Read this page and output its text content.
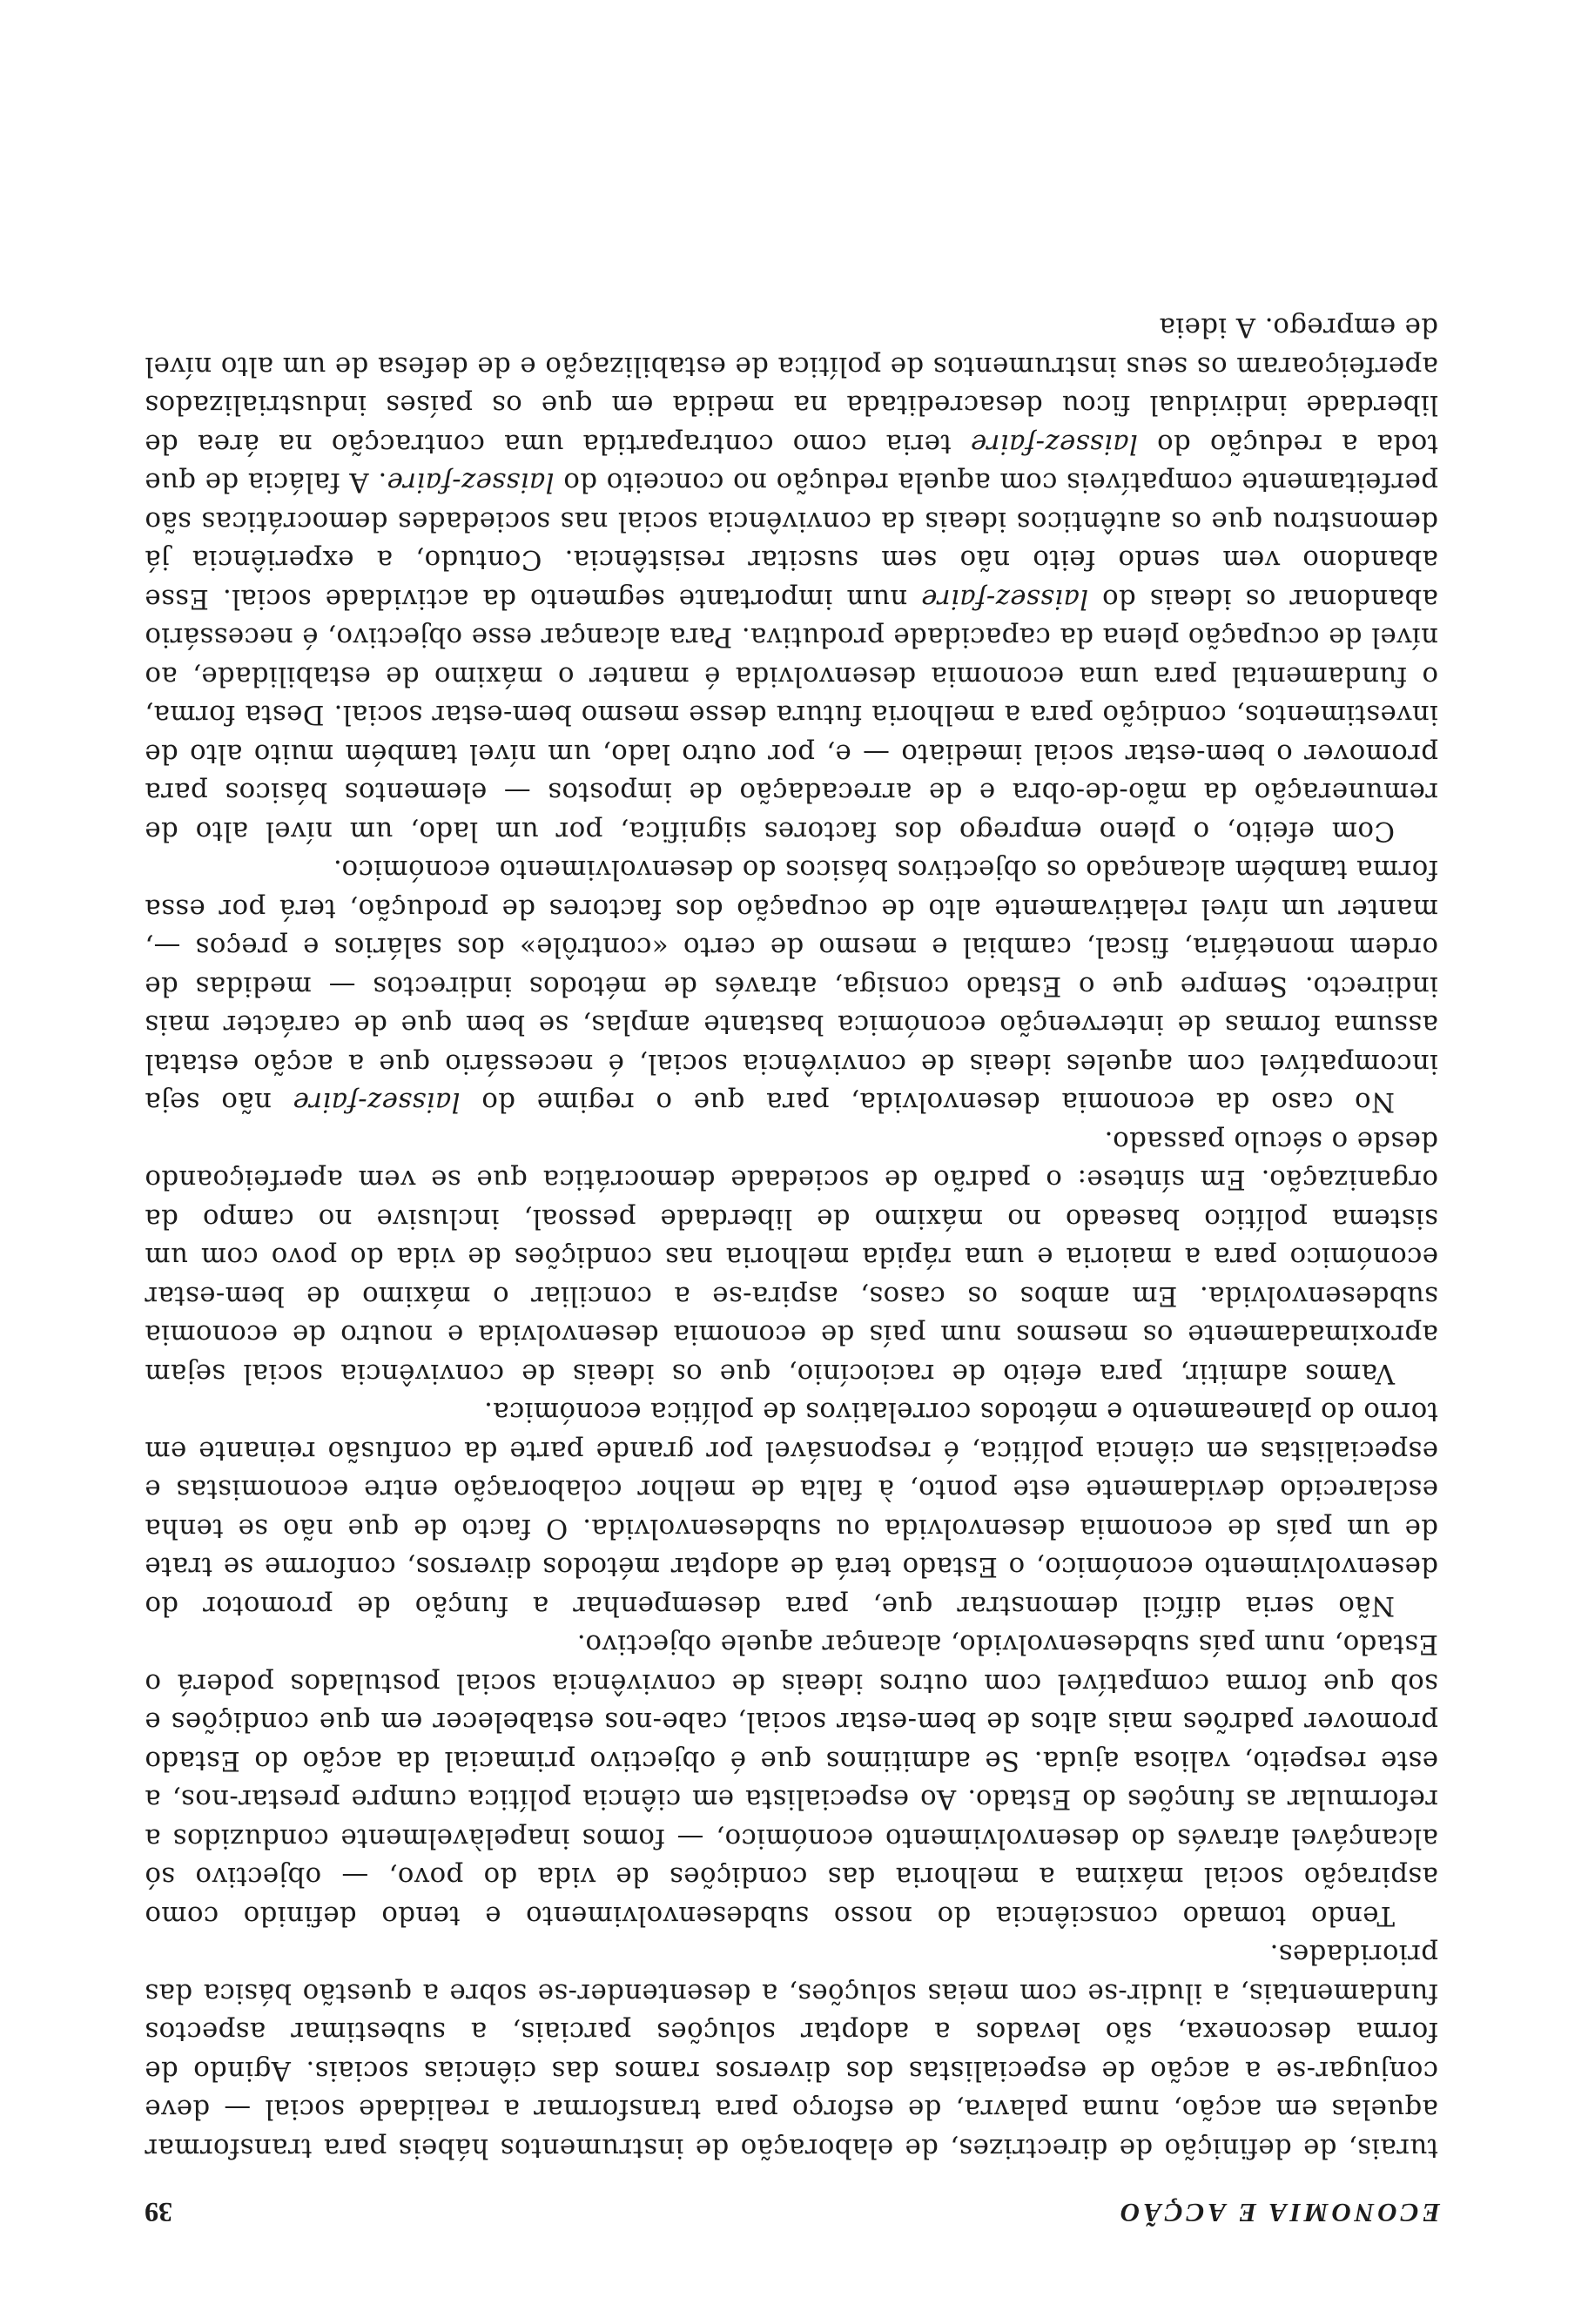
ECONOMIA E ACÇÃO
39

turais, de definição de directrizes, de elaboração de instrumentos hábeis para transformar aquelas em acção, numa palavra, de esforço para transformar a realidade social — deve conjugar-se a acção de especialistas dos diversos ramos das ciências sociais. Agindo de forma desconexa, são levados a adoptar soluções parciais, a subestimar aspectos fundamentais, a iludir-se com meias soluções, a desentender-se sobre a questão básica das prioridades.

Tendo tomado consciência do nosso subdesenvolvimento e tendo definido como aspiração social máxima a melhoria das condições de vida do povo, — objectivo só alcançável através do desenvolvimento económico, — fomos inapelàvelmente conduzidos a reformular as funções do Estado. Ao especialista em ciência política cumpre prestar-nos, a este respeito, valiosa ajuda. Se admitimos que é objectivo primacial da acção do Estado promover padrões mais altos de bem-estar social, cabe-nos estabelecer em que condições e sob que forma compatível com outros ideais de convivência social postulados poderá o Estado, num país subdesenvolvido, alcançar aquele objectivo.

Não seria difícil demonstrar que, para desempenhar a função de promotor do desenvolvimento económico, o Estado terá de adoptar métodos diversos, conforme se trate de um país de economia desenvolvida ou subdesenvolvida. O facto de que não se tenha esclarecido devidamente este ponto, à falta de melhor colaboração entre economistas e especialistas em ciência política, é responsável por grande parte da confusão reinante em torno do planeamento e métodos correlativos de política económica.

Vamos admitir, para efeito de raciocínio, que os ideais de convivência social sejam aproximadamente os mesmos num país de economia desenvolvida e noutro de economia subdesenvolvida. Em ambos os casos, aspira-se a conciliar o máximo de bem-estar económico para a maioria e uma rápida melhoria nas condições de vida do povo com um sistema político baseado no máximo de liberdade pessoal, inclusive no campo da organização. Em síntese: o padrão de sociedade democrática que se vem aperfeiçoando desde o século passado.

No caso da economia desenvolvida, para que o regime do laissez-faire não seja incompatível com aqueles ideais de convivência social, é necessário que a acção estatal assuma formas de intervenção económica bastante amplas, se bem que de carácter mais indirecto. Sempre que o Estado consiga, através de métodos indirectos — medidas de ordem monetária, fiscal, cambial e mesmo de certo «contrôle» dos salários e preços —, manter um nível relativamente alto de ocupação dos factores de produção, terá por essa forma também alcançado os objectivos básicos do desenvolvimento económico.

Com efeito, o pleno emprego dos factores significa, por um lado, um nível alto de remuneração da mão-de-obra e de arrecadação de impostos — elementos básicos para promover o bem-estar social imediato — e, por outro lado, um nível também muito alto de investimentos, condição para a melhoria futura desse mesmo bem-estar social. Desta forma, o fundamental para uma economia desenvolvida é manter o máximo de estabilidade, ao nível de ocupação plena da capacidade produtiva. Para alcançar esse objectivo, é necessário abandonar os ideais do laissez-faire num importante segmento da actividade social. Esse abandono vem sendo feito não sem suscitar resistência. Contudo, a experiência já demonstrou que os autênticos ideais da convivência social nas sociedades democráticas são perfeitamente compatíveis com aquela redução no conceito do laissez-faire. A falácia de que toda a redução do laissez-faire teria como contrapartida uma contracção na área de liberdade individual ficou desacreditada na medida em que os países industrializados aperfeiçoaram os seus instrumentos de política de estabilização e de defesa de um alto nível de emprego. A ideia
